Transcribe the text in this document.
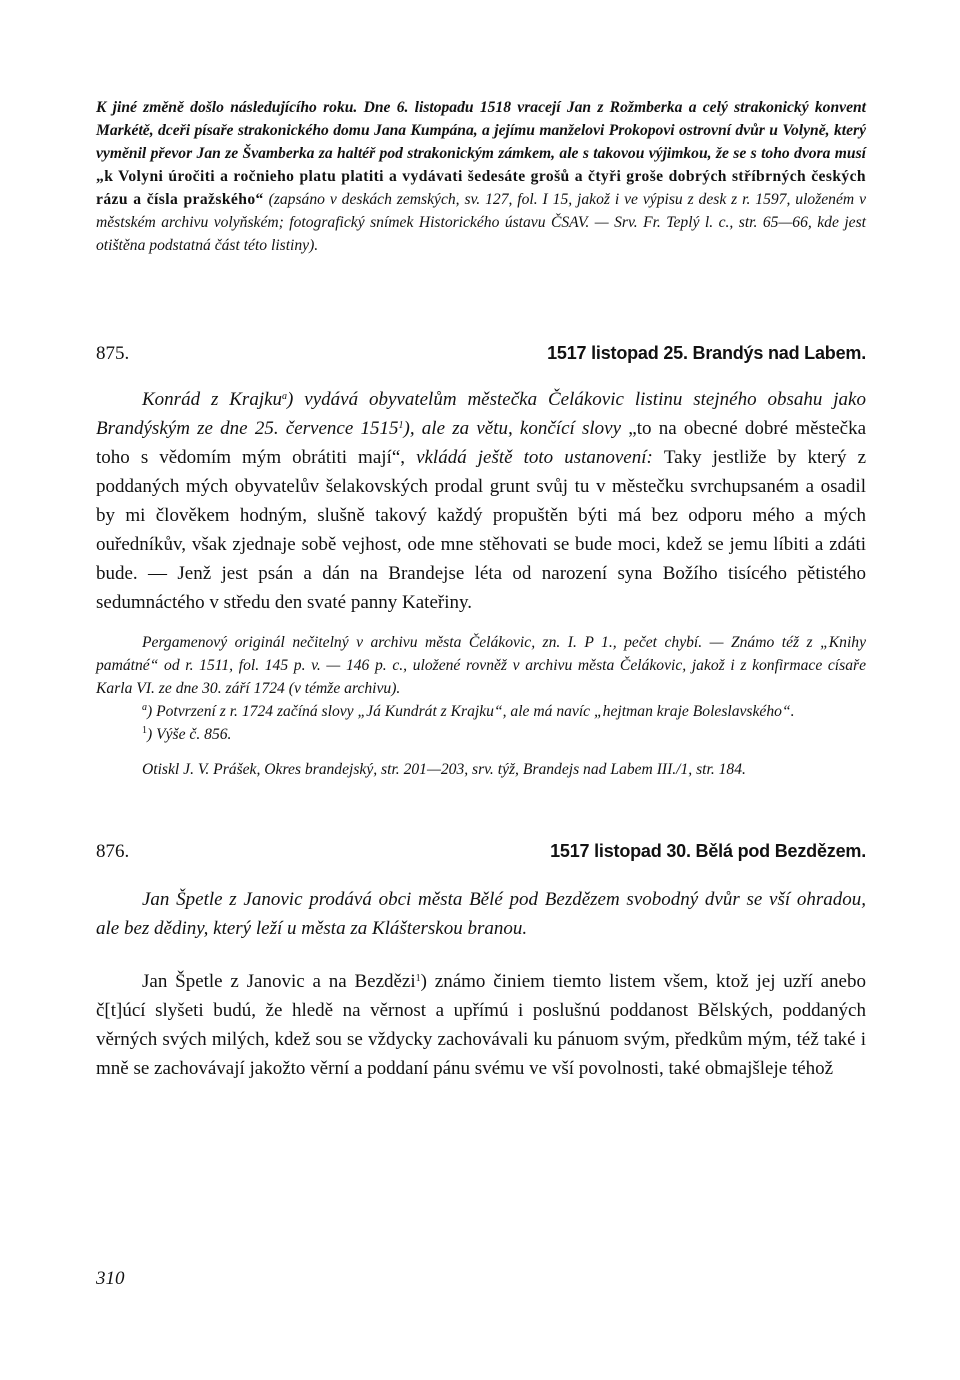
K jiné změně došlo následujícího roku. Dne 6. listopadu 1518 vracejí Jan z Rožmberka a celý strakonický konvent Markétě, dceři písaře strakonického domu Jana Kumpána, a jejímu manželovi Prokopovi ostrovní dvůr u Volyně, který vyměnil převor Jan ze Švamberka za haltéř pod strakonickým zámkem, ale s takovou výjimkou, že se s toho dvora musí „k Volyni úročiti a ročnieho platu platiti a vydávati šedesáte grošů a čtyři groše dobrých stříbrných českých rázu a čísla pražského“ (zapsáno v deskách zemských, sv. 127, fol. I 15, jakož i ve výpisu z desk z r. 1597, uloženém v městském archivu volyňském; fotografický snímek Historického ústavu ČSAV. — Srv. Fr. Teplý l. c., str. 65—66, kde jest otištěna podstatná část této listiny).

875.	1517 listopad 25. Brandýs nad Labem.

Konrád z Krajku$^a$) vydává obyvatelům městečka Čelákovic listinu stejného obsahu jako Brandýským ze dne 25. července 1515$^1$), ale za větu, končící slovy „to na obecné dobré městečka toho s vědomím mým obrátiti mají“, vkládá ještě toto ustanovení: Taky jestliže by který z poddaných mých obyvatelův šelakovských prodal grunt svůj tu v městečku svrchupsaném a osadil by mi člověkem hodným, slušně takový každý propuštěn býti má bez odporu mého a mých ouředníkův, však zjednaje sobě vejhost, ode mne stěhovati se bude moci, kdež se jemu líbiti a zdáti bude. — Jenž jest psán a dán na Brandejse léta od narození syna Božího tisícého pětistého sedumnáctého v středu den svaté panny Kateřiny.

Pergamenový originál nečitelný v archivu města Čelákovic, zn. I. P 1., pečet chybí. — Známo též z „Knihy památné“ od r. 1511, fol. 145 p. v. — 146 p. c., uložené rovněž v archivu města Čelákovic, jakož i z konfirmace císaře Karla VI. ze dne 30. září 1724 (v témže archivu).

$^a$) Potvrzení z r. 1724 začíná slovy „Já Kundrát z Krajku“, ale má navíc „hejtman kraje Boleslavského“.

$^1$) Výše č. 856.

Otiskl J. V. Prášek, Okres brandejský, str. 201—203, srv. týž, Brandejs nad Labem III./1, str. 184.

876.	1517 listopad 30. Bělá pod Bezdězem.

Jan Špetle z Janovic prodává obci města Bělé pod Bezdězem svobodný dvůr se vší ohradou, ale bez dědiny, který leží u města za Klášterskou branou.

Jan Špetle z Janovic a na Bezdězi$^1$) známo činiem tiemto listem všem, ktož jej uzří anebo č[t]úcí slyšeti budú, že hledě na věrnost a upřímú i poslušnú poddanost Bělských, poddaných věrných svých milých, kdež sou se vždycky zachovávali ku pánuom svým, předkům mým, též také i mně se zachovávají jakožto věrní a poddaní pánu svému ve vší povolnosti, také obmajšleje téhož

310
